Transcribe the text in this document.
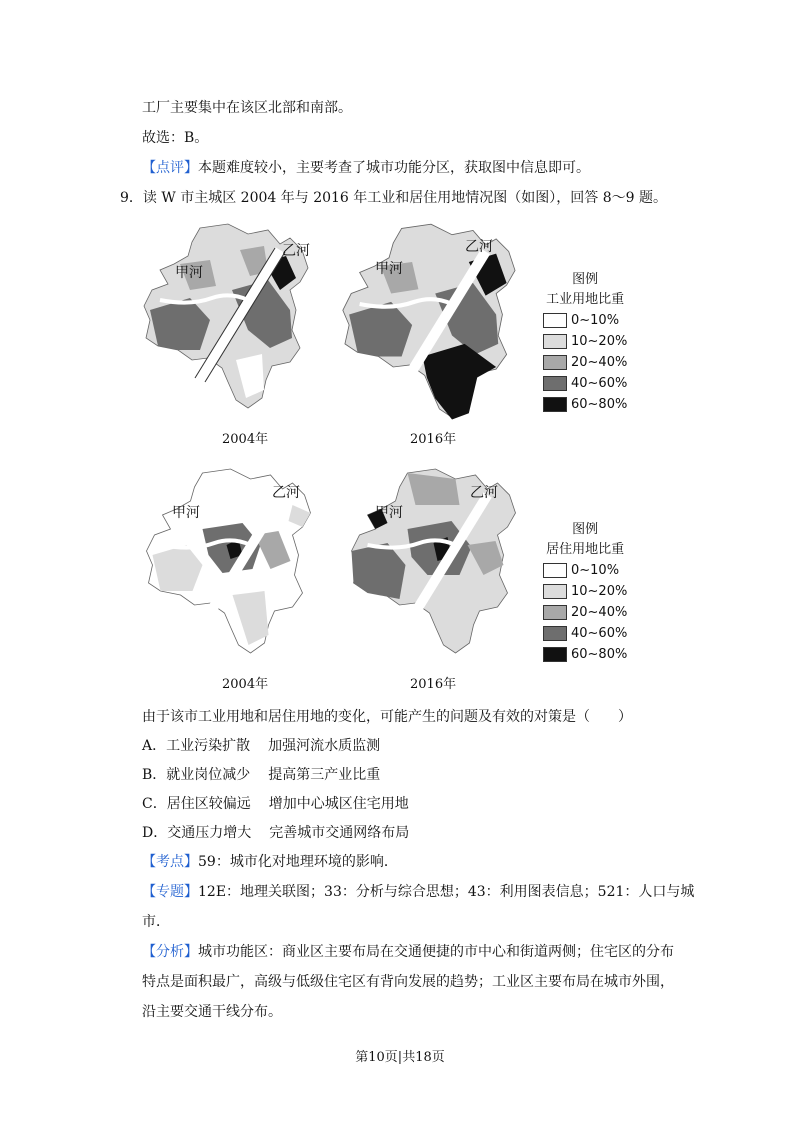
工厂主要集中在该区北部和南部。
故选：B。
【点评】本题难度较小，主要考查了城市功能分区，获取图中信息即可。
9．读 W 市主城区 2004 年与 2016 年工业和居住用地情况图（如图），回答 8～9 题。
甲河
乙河
2004年
甲河
乙河
2016年
图例
工业用地比重
0~10%
10~20%
20~40%
40~60%
60~80%
甲河
乙河
2004年
甲河
乙河
2016年
图例
居住用地比重
0~10%
10~20%
20~40%
40~60%
60~80%
由于该市工业用地和居住用地的变化，可能产生的问题及有效的对策是（　　）
A．工业污染扩散 加强河流水质监测
B．就业岗位减少 提高第三产业比重
C．居住区较偏远 增加中心城区住宅用地
D．交通压力增大 完善城市交通网络布局
【考点】59：城市化对地理环境的影响．
【专题】12E：地理关联图；33：分析与综合思想；43：利用图表信息；521：人口与城
市．
【分析】城市功能区：商业区主要布局在交通便捷的市中心和街道两侧；住宅区的分布
特点是面积最广，高级与低级住宅区有背向发展的趋势；工业区主要布局在城市外围，
沿主要交通干线分布。
第10页|共18页
